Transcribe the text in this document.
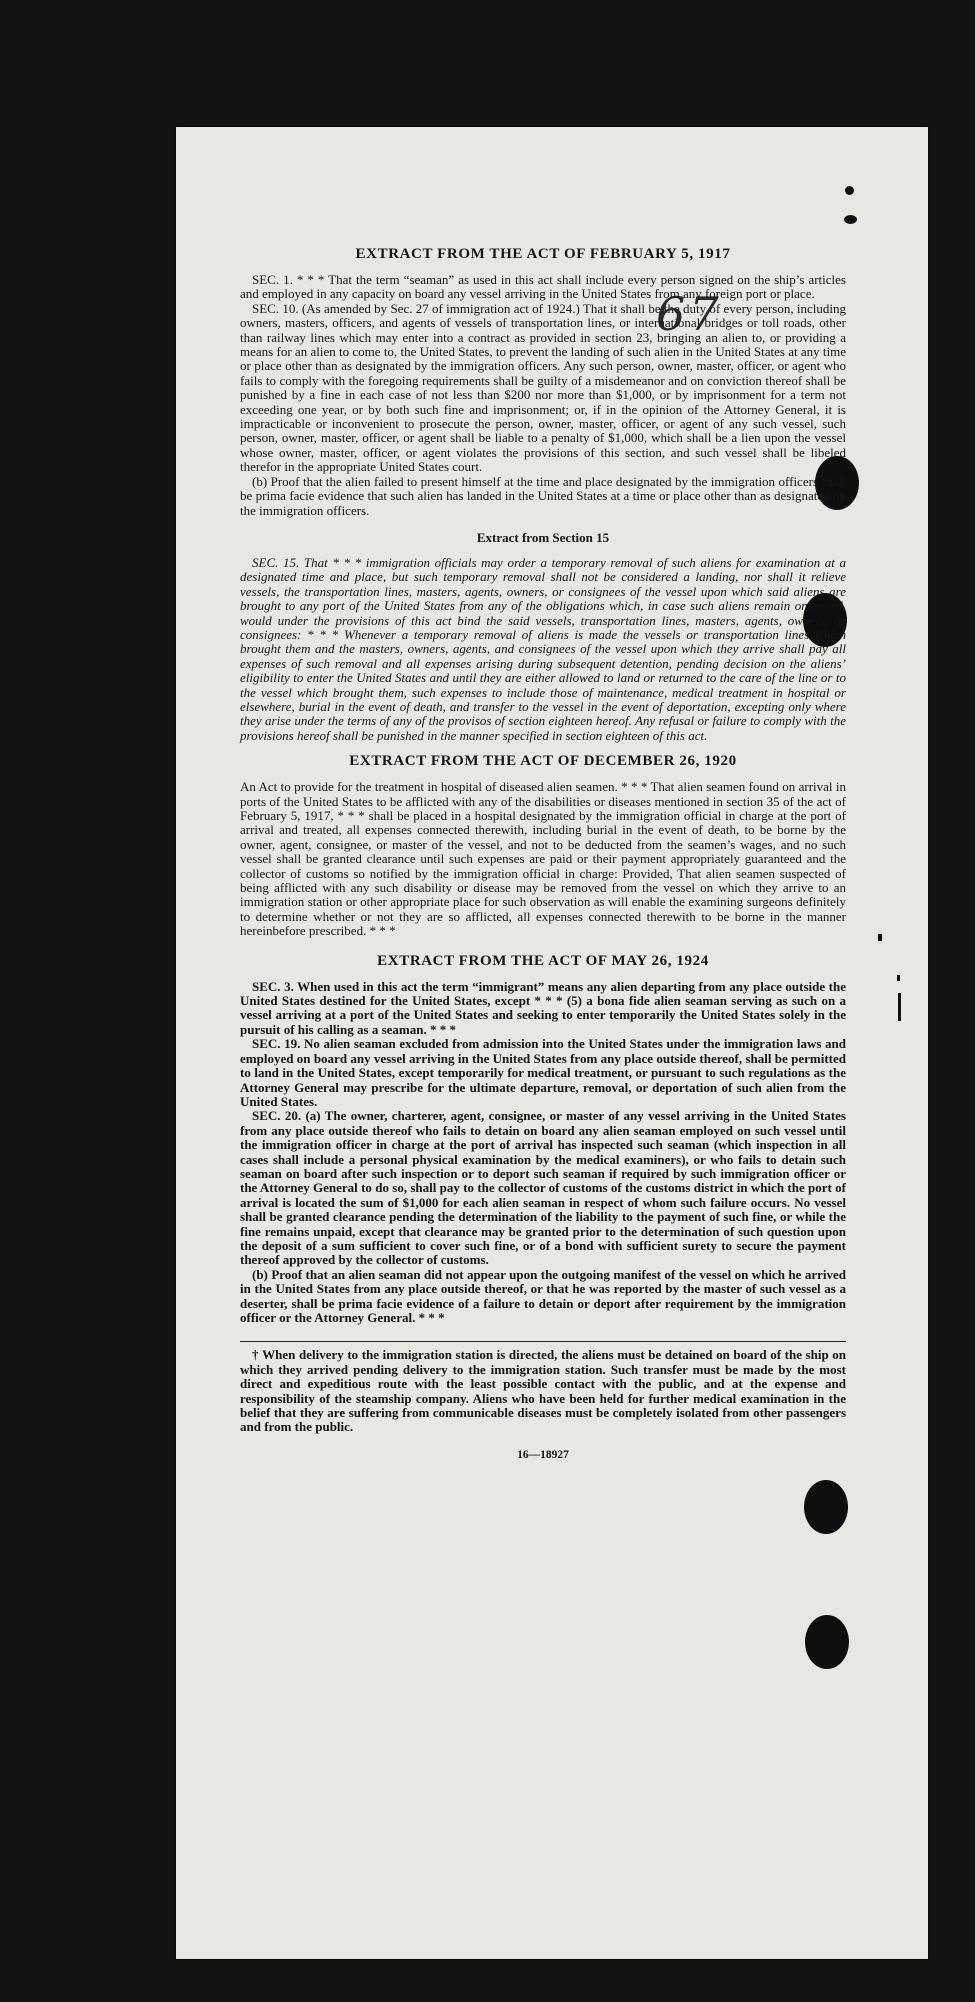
67
EXTRACT FROM THE ACT OF FEBRUARY 5, 1917

SEC. 1. * * * That the term “seaman” as used in this act shall include every person signed on the ship’s articles and employed in any capacity on board any vessel arriving in the United States from any foreign port or place.

SEC. 10. (As amended by Sec. 27 of immigration act of 1924.) That it shall be the duty of every person, including owners, masters, officers, and agents of vessels of transportation lines, or international bridges or toll roads, other than railway lines which may enter into a contract as provided in section 23, bringing an alien to, or providing a means for an alien to come to, the United States, to prevent the landing of such alien in the United States at any time or place other than as designated by the immigration officers. Any such person, owner, master, officer, or agent who fails to comply with the foregoing requirements shall be guilty of a misdemeanor and on conviction thereof shall be punished by a fine in each case of not less than $200 nor more than $1,000, or by imprisonment for a term not exceeding one year, or by both such fine and imprisonment; or, if in the opinion of the Attorney General, it is impracticable or inconvenient to prosecute the person, owner, master, officer, or agent of any such vessel, such person, owner, master, officer, or agent shall be liable to a penalty of $1,000, which shall be a lien upon the vessel whose owner, master, officer, or agent violates the provisions of this section, and such vessel shall be libeled therefor in the appropriate United States court.

(b) Proof that the alien failed to present himself at the time and place designated by the immigration officers shall be prima facie evidence that such alien has landed in the United States at a time or place other than as designated by the immigration officers.

Extract from Section 15

SEC. 15. That * * * immigration officials may order a temporary removal of such aliens for examination at a designated time and place, but such temporary removal shall not be considered a landing, nor shall it relieve vessels, the transportation lines, masters, agents, owners, or consignees of the vessel upon which said aliens are brought to any port of the United States from any of the obligations which, in case such aliens remain on board, would under the provisions of this act bind the said vessels, transportation lines, masters, agents, owners, or consignees: * * * Whenever a temporary removal of aliens is made the vessels or transportation lines which brought them and the masters, owners, agents, and consignees of the vessel upon which they arrive shall pay all expenses of such removal and all expenses arising during subsequent detention, pending decision on the aliens’ eligibility to enter the United States and until they are either allowed to land or returned to the care of the line or to the vessel which brought them, such expenses to include those of maintenance, medical treatment in hospital or elsewhere, burial in the event of death, and transfer to the vessel in the event of deportation, excepting only where they arise under the terms of any of the provisos of section eighteen hereof. Any refusal or failure to comply with the provisions hereof shall be punished in the manner specified in section eighteen of this act.

EXTRACT FROM THE ACT OF DECEMBER 26, 1920

An Act to provide for the treatment in hospital of diseased alien seamen. * * * That alien seamen found on arrival in ports of the United States to be afflicted with any of the disabilities or diseases mentioned in section 35 of the act of February 5, 1917, * * * shall be placed in a hospital designated by the immigration official in charge at the port of arrival and treated, all expenses connected therewith, including burial in the event of death, to be borne by the owner, agent, consignee, or master of the vessel, and not to be deducted from the seamen’s wages, and no such vessel shall be granted clearance until such expenses are paid or their payment appropriately guaranteed and the collector of customs so notified by the immigration official in charge: Provided, That alien seamen suspected of being afflicted with any such disability or disease may be removed from the vessel on which they arrive to an immigration station or other appropriate place for such observation as will enable the examining surgeons definitely to determine whether or not they are so afflicted, all expenses connected therewith to be borne in the manner hereinbefore prescribed. * * *

EXTRACT FROM THE ACT OF MAY 26, 1924

SEC. 3. When used in this act the term “immigrant” means any alien departing from any place outside the United States destined for the United States, except * * * (5) a bona fide alien seaman serving as such on a vessel arriving at a port of the United States and seeking to enter temporarily the United States solely in the pursuit of his calling as a seaman. * * *

SEC. 19. No alien seaman excluded from admission into the United States under the immigration laws and employed on board any vessel arriving in the United States from any place outside thereof, shall be permitted to land in the United States, except temporarily for medical treatment, or pursuant to such regulations as the Attorney General may prescribe for the ultimate departure, removal, or deportation of such alien from the United States.

SEC. 20. (a) The owner, charterer, agent, consignee, or master of any vessel arriving in the United States from any place outside thereof who fails to detain on board any alien seaman employed on such vessel until the immigration officer in charge at the port of arrival has inspected such seaman (which inspection in all cases shall include a personal physical examination by the medical examiners), or who fails to detain such seaman on board after such inspection or to deport such seaman if required by such immigration officer or the Attorney General to do so, shall pay to the collector of customs of the customs district in which the port of arrival is located the sum of $1,000 for each alien seaman in respect of whom such failure occurs. No vessel shall be granted clearance pending the determination of the liability to the payment of such fine, or while the fine remains unpaid, except that clearance may be granted prior to the determination of such question upon the deposit of a sum sufficient to cover such fine, or of a bond with sufficient surety to secure the payment thereof approved by the collector of customs.

(b) Proof that an alien seaman did not appear upon the outgoing manifest of the vessel on which he arrived in the United States from any place outside thereof, or that he was reported by the master of such vessel as a deserter, shall be prima facie evidence of a failure to detain or deport after requirement by the immigration officer or the Attorney General. * * *

† When delivery to the immigration station is directed, the aliens must be detained on board of the ship on which they arrived pending delivery to the immigration station. Such transfer must be made by the most direct and expeditious route with the least possible contact with the public, and at the expense and responsibility of the steamship company. Aliens who have been held for further medical examination in the belief that they are suffering from communicable diseases must be completely isolated from other passengers and from the public.

16—18927
